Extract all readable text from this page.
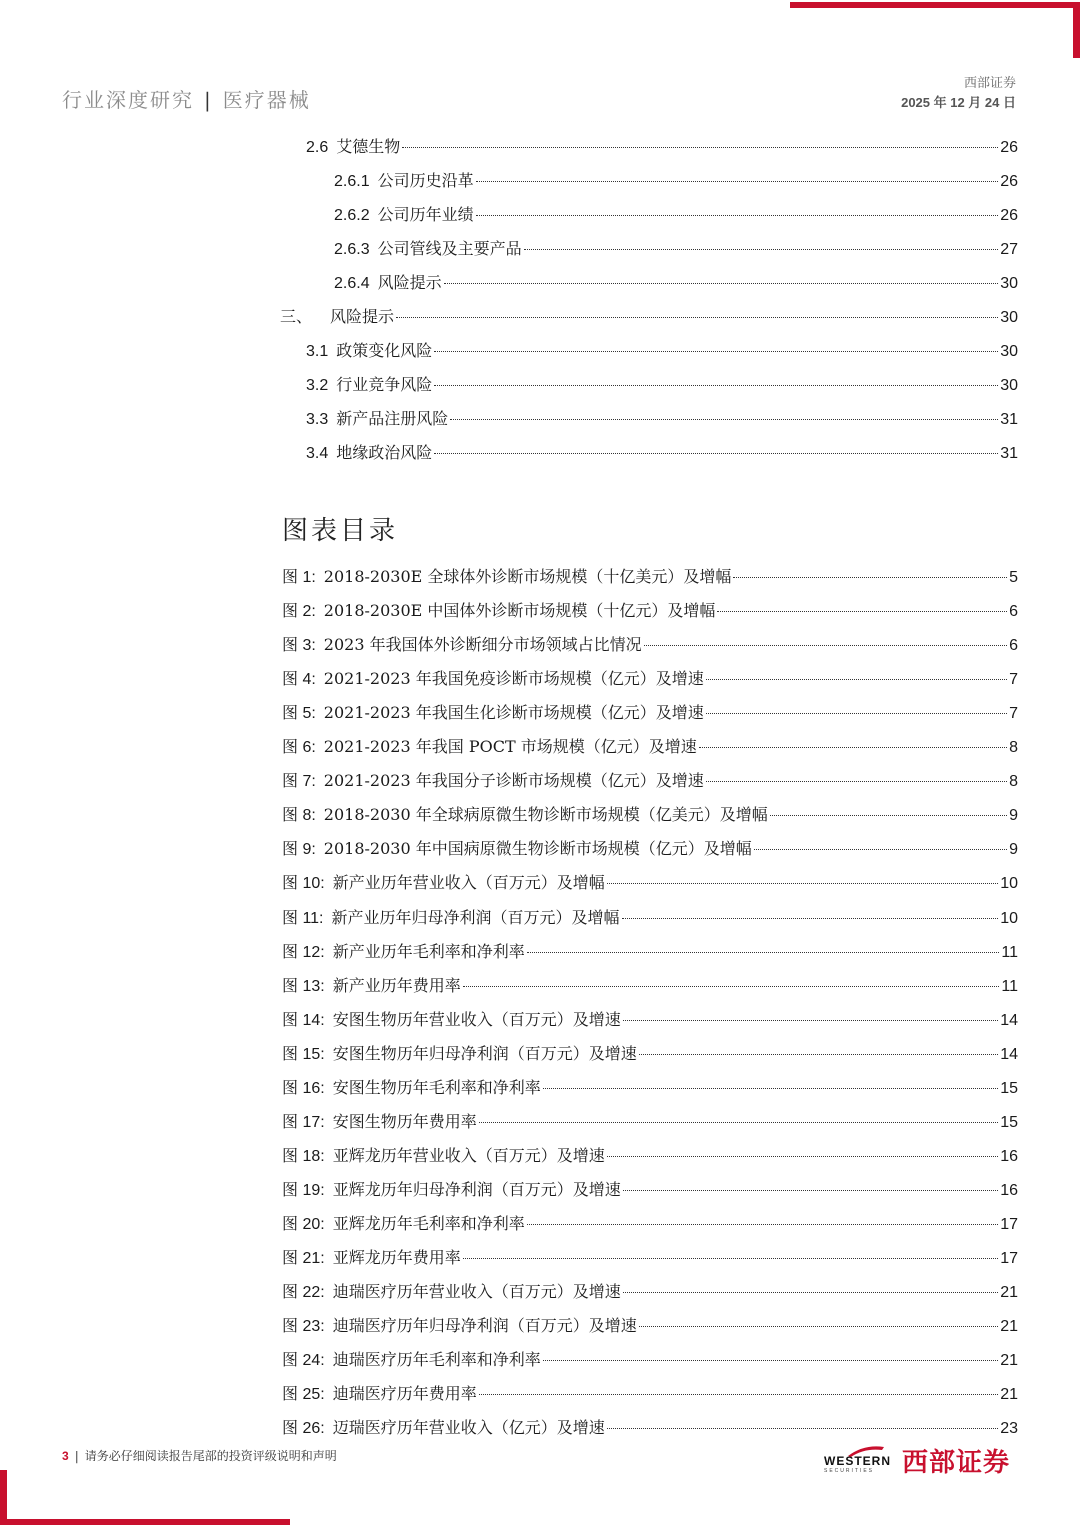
行业深度研究 | 医疗器械
西部证券
2025 年 12 月 24 日
2.6 艾德生物	26
2.6.1 公司历史沿革	26
2.6.2 公司历年业绩	26
2.6.3 公司管线及主要产品	27
2.6.4 风险提示	30
三、 风险提示	30
3.1 政策变化风险	30
3.2 行业竞争风险	30
3.3 新产品注册风险	31
3.4 地缘政治风险	31
图表目录
图 1: 2018-2030E 全球体外诊断市场规模（十亿美元）及增幅	5
图 2: 2018-2030E 中国体外诊断市场规模（十亿元）及增幅	6
图 3: 2023 年我国体外诊断细分市场领域占比情况	6
图 4: 2021-2023 年我国免疫诊断市场规模（亿元）及增速	7
图 5: 2021-2023 年我国生化诊断市场规模（亿元）及增速	7
图 6: 2021-2023 年我国 POCT 市场规模（亿元）及增速	8
图 7: 2021-2023 年我国分子诊断市场规模（亿元）及增速	8
图 8: 2018-2030 年全球病原微生物诊断市场规模（亿美元）及增幅	9
图 9: 2018-2030 年中国病原微生物诊断市场规模（亿元）及增幅	9
图 10: 新产业历年营业收入（百万元）及增幅	10
图 11: 新产业历年归母净利润（百万元）及增幅	10
图 12: 新产业历年毛利率和净利率	11
图 13: 新产业历年费用率	11
图 14: 安图生物历年营业收入（百万元）及增速	14
图 15: 安图生物历年归母净利润（百万元）及增速	14
图 16: 安图生物历年毛利率和净利率	15
图 17: 安图生物历年费用率	15
图 18: 亚辉龙历年营业收入（百万元）及增速	16
图 19: 亚辉龙历年归母净利润（百万元）及增速	16
图 20: 亚辉龙历年毛利率和净利率	17
图 21: 亚辉龙历年费用率	17
图 22: 迪瑞医疗历年营业收入（百万元）及增速	21
图 23: 迪瑞医疗历年归母净利润（百万元）及增速	21
图 24: 迪瑞医疗历年毛利率和净利率	21
图 25: 迪瑞医疗历年费用率	21
图 26: 迈瑞医疗历年营业收入（亿元）及增速	23
3 | 请务必仔细阅读报告尾部的投资评级说明和声明	WESTERN
SECURITIES 西部证券
